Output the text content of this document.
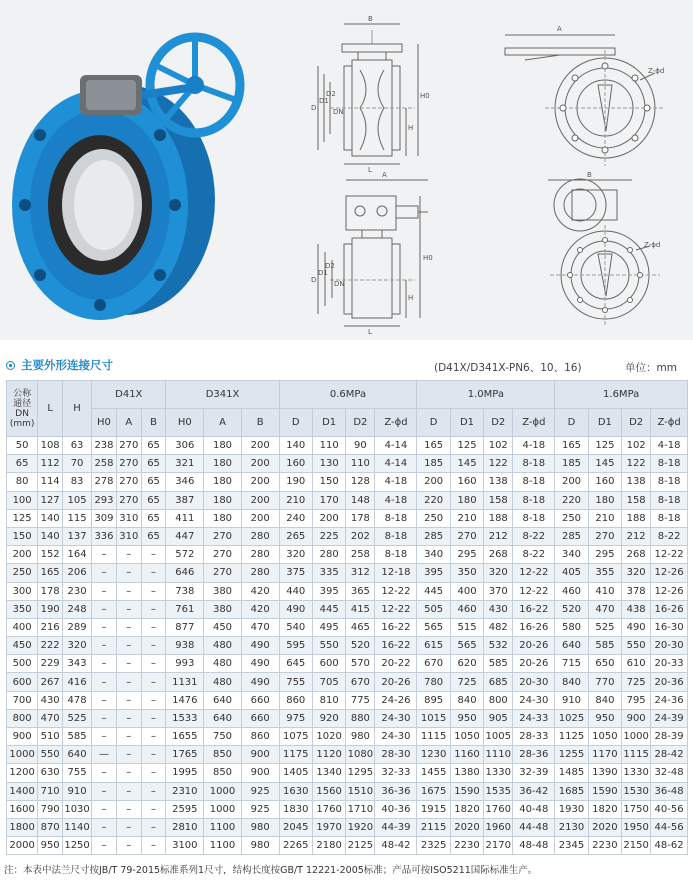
B
L
D
D1
D2
DN
H0
H
A
Z-ϕd
A
L
D
D1
D2
DN
H0
H
B
Z-ϕd
主要外形连接尺寸	(D41X/D341X-PN6、10、16)	单位：mm
公称
通径
DN
(mm)	L	H	D41X			D341X			0.6MPa				1.0MPa				1.6MPa			
			H0	A	B	H0	A	B	D	D1	D2	Z-ϕd	D	D1	D2	Z-ϕd	D	D1	D2	Z-ϕd
50	108	63	238	270	65	306	180	200	140	110	90	4-14	165	125	102	4-18	165	125	102	4-18
65	112	70	258	270	65	321	180	200	160	130	110	4-14	185	145	122	8-18	185	145	122	8-18
80	114	83	278	270	65	346	180	200	190	150	128	4-18	200	160	138	8-18	200	160	138	8-18
100	127	105	293	270	65	387	180	200	210	170	148	4-18	220	180	158	8-18	220	180	158	8-18
125	140	115	309	310	65	411	180	200	240	200	178	8-18	250	210	188	8-18	250	210	188	8-18
150	140	137	336	310	65	447	270	280	265	225	202	8-18	285	270	212	8-22	285	270	212	8-22
200	152	164	–	–	–	572	270	280	320	280	258	8-18	340	295	268	8-22	340	295	268	12-22
250	165	206	–	–	–	646	270	280	375	335	312	12-18	395	350	320	12-22	405	355	320	12-26
300	178	230	–	–	–	738	380	420	440	395	365	12-22	445	400	370	12-22	460	410	378	12-26
350	190	248	–	–	–	761	380	420	490	445	415	12-22	505	460	430	16-22	520	470	438	16-26
400	216	289	–	–	–	877	450	470	540	495	465	16-22	565	515	482	16-26	580	525	490	16-30
450	222	320	–	–	–	938	480	490	595	550	520	16-22	615	565	532	20-26	640	585	550	20-30
500	229	343	–	–	–	993	480	490	645	600	570	20-22	670	620	585	20-26	715	650	610	20-33
600	267	416	–	–	–	1131	480	490	755	705	670	20-26	780	725	685	20-30	840	770	725	20-36
700	430	478	–	–	–	1476	640	660	860	810	775	24-26	895	840	800	24-30	910	840	795	24-36
800	470	525	–	–	–	1533	640	660	975	920	880	24-30	1015	950	905	24-33	1025	950	900	24-39
900	510	585	–	–	–	1655	750	860	1075	1020	980	24-30	1115	1050	1005	28-33	1125	1050	1000	28-39
1000	550	640	—	–	–	1765	850	900	1175	1120	1080	28-30	1230	1160	1110	28-36	1255	1170	1115	28-42
1200	630	755	–	–	–	1995	850	900	1405	1340	1295	32-33	1455	1380	1330	32-39	1485	1390	1330	32-48
1400	710	910	–	–	–	2310	1000	925	1630	1560	1510	36-36	1675	1590	1535	36-42	1685	1590	1530	36-48
1600	790	1030	–	–	–	2595	1000	925	1830	1760	1710	40-36	1915	1820	1760	40-48	1930	1820	1750	40-56
1800	870	1140	–	–	–	2810	1100	980	2045	1970	1920	44-39	2115	2020	1960	44-48	2130	2020	1950	44-56
2000	950	1250	–	–	–	3100	1100	980	2265	2180	2125	48-42	2325	2230	2170	48-48	2345	2230	2150	48-62
注：本表中法兰尺寸按JB/T 79-2015标准系列1尺寸，结构长度按GB/T 12221-2005标准；产品可按ISO5211国际标准生产。
